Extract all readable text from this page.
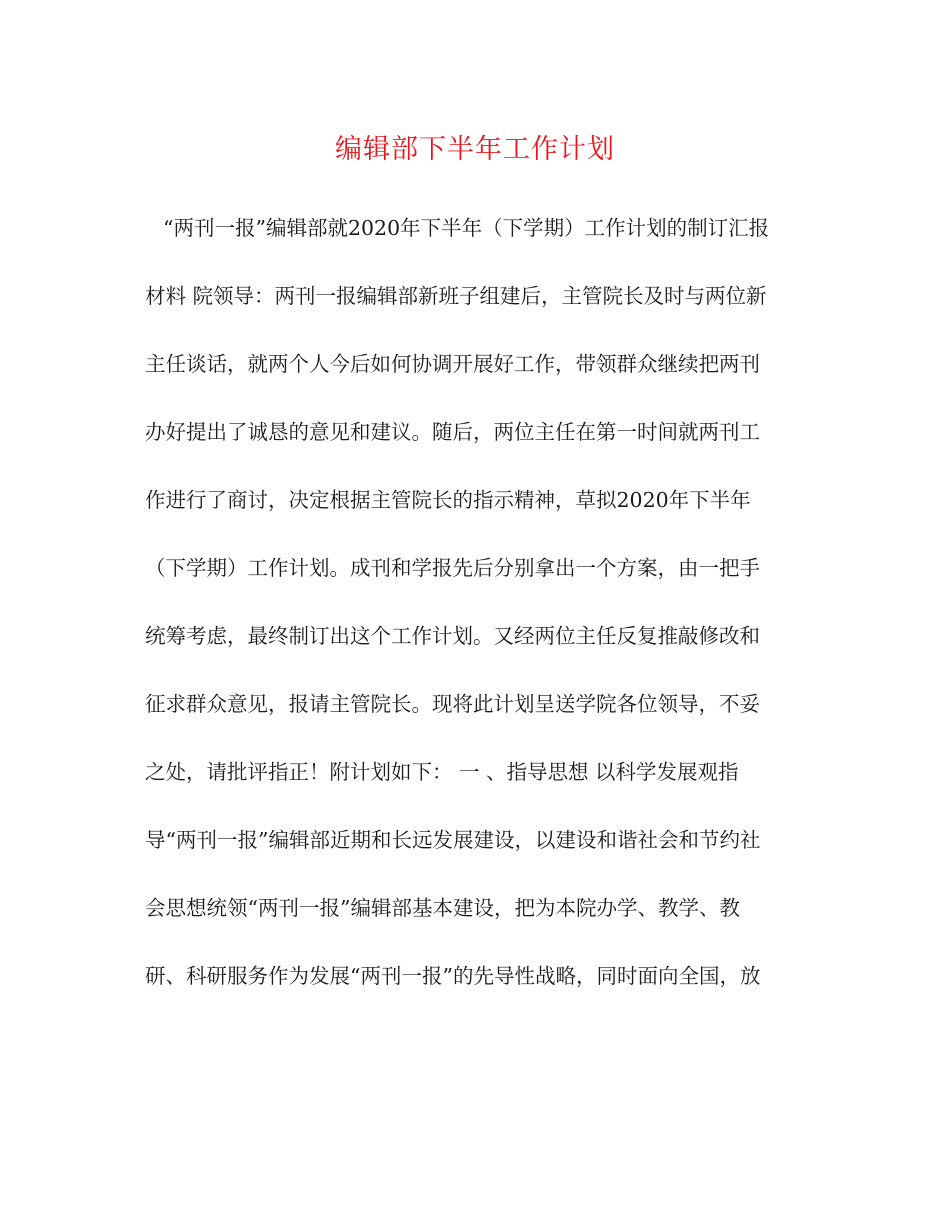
编辑部下半年工作计划
“两刊一报”编辑部就2020年下半年（下学期）工作计划的制订汇报
材料 院领导：两刊一报编辑部新班子组建后，主管院长及时与两位新
主任谈话，就两个人今后如何协调开展好工作，带领群众继续把两刊
办好提出了诚恳的意见和建议。随后，两位主任在第一时间就两刊工
作进行了商讨，决定根据主管院长的指示精神，草拟2020年下半年
（下学期）工作计划。成刊和学报先后分别拿出一个方案，由一把手
统筹考虑，最终制订出这个工作计划。又经两位主任反复推敲修改和
征求群众意见，报请主管院长。现将此计划呈送学院各位领导，不妥
之处，请批评指正！附计划如下： 一 、指导思想 以科学发展观指
导“两刊一报”编辑部近期和长远发展建设，以建设和谐社会和节约社
会思想统领“两刊一报”编辑部基本建设，把为本院办学、教学、教
研、科研服务作为发展“两刊一报”的先导性战略，同时面向全国，放
